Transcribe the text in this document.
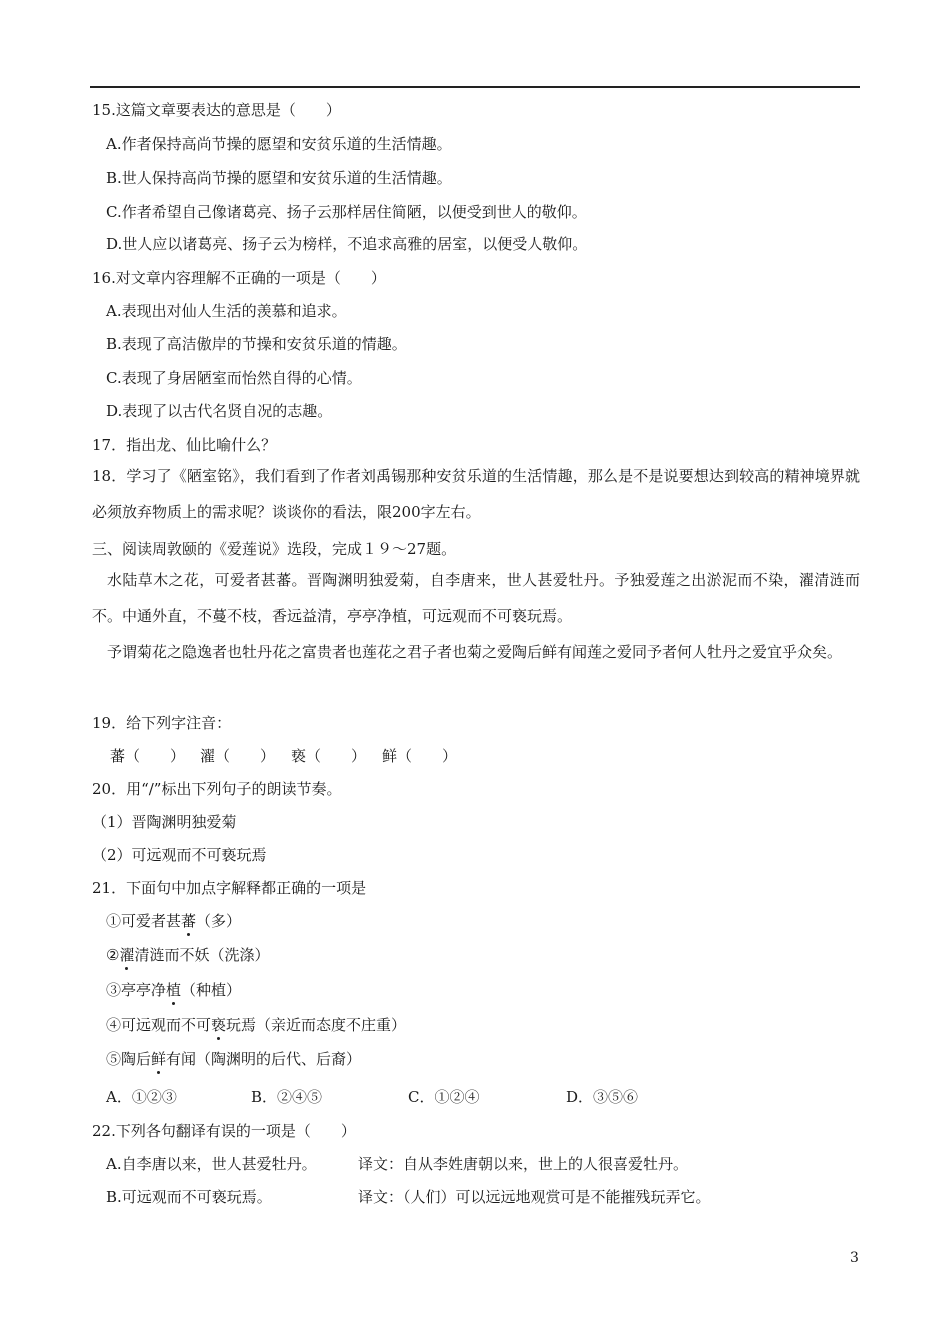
15.这篇文章要表达的意思是（　　）
A.作者保持高尚节操的愿望和安贫乐道的生活情趣。
B.世人保持高尚节操的愿望和安贫乐道的生活情趣。
C.作者希望自己像诸葛亮、扬子云那样居住简陋，以便受到世人的敬仰。
D.世人应以诸葛亮、扬子云为榜样，不追求高雅的居室，以便受人敬仰。
16.对文章内容理解不正确的一项是（　　）
A.表现出对仙人生活的羡慕和追求。
B.表现了高洁傲岸的节操和安贫乐道的情趣。
C.表现了身居陋室而怡然自得的心情。
D.表现了以古代名贤自况的志趣。
17．指出龙、仙比喻什么？
18．学习了《陋室铭》，我们看到了作者刘禹锡那种安贫乐道的生活情趣，那么是不是说要想达到较高的精神境界就必须放弃物质上的需求呢？谈谈你的看法，限200字左右。
三、阅读周敦颐的《爱莲说》选段，完成１９～27题。
水陆草木之花，可爱者甚蕃。晋陶渊明独爱菊，自李唐来，世人甚爱牡丹。予独爱莲之出淤泥而不染，濯清涟而不。中通外直，不蔓不枝，香远益清，亭亭净植，可远观而不可亵玩焉。
予谓菊花之隐逸者也牡丹花之富贵者也莲花之君子者也菊之爱陶后鲜有闻莲之爱同予者何人牡丹之爱宜乎众矣。
19．给下列字注音：
蕃（　　） 濯（　　） 亵（　　） 鲜（　　）
20．用“/”标出下列句子的朗读节奏。
（1）晋陶渊明独爱菊
（2）可远观而不可亵玩焉
21．下面句中加点字解释都正确的一项是
①可爱者甚蕃（多）
②濯清涟而不妖（洗涤）
③亭亭净植（种植）
④可远观而不可亵玩焉（亲近而态度不庄重）
⑤陶后鲜有闻（陶渊明的后代、后裔）
A．①②③	B．②④⑤	C．①②④	D．③⑤⑥
22.下列各句翻译有误的一项是（　　）
A.自李唐以来，世人甚爱牡丹。	译文：自从李姓唐朝以来，世上的人很喜爱牡丹。
B.可远观而不可亵玩焉。	译文：（人们）可以远远地观赏可是不能摧残玩弄它。
3
